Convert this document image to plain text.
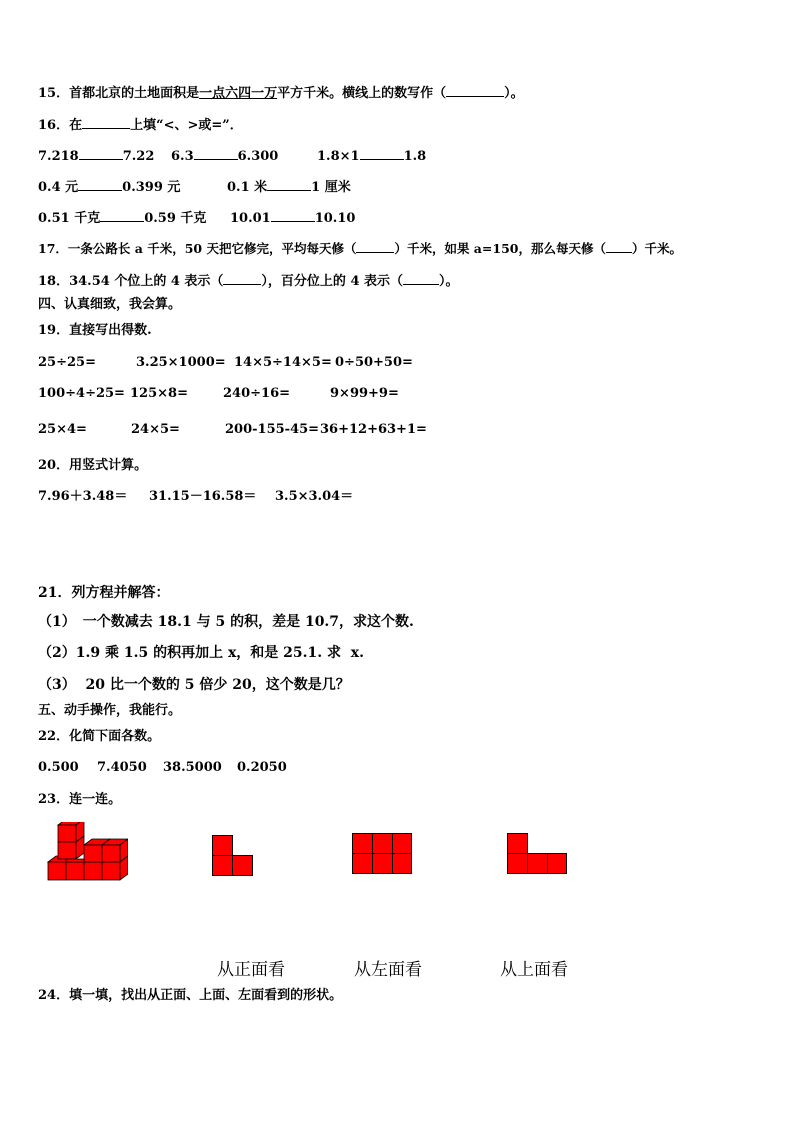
15．首都北京的土地面积是一点六四一万平方千米。横线上的数写作（	）。
16．在	上填“<、>或=”．
7.218	7.22 6.3	6.300	1.8×1	1.8
0.4 元	0.399 元	0.1 米	1 厘米
0.51 千克	0.59 千克 10.01	10.10
17．一条公路长 a 千米，50 天把它修完，平均每天修（	）千米，如果 a=150，那么每天修（ ）千米。
18．34.54 个位上的 4 表示（	），百分位上的 4 表示（	）。
四、认真细致，我会算。
19．直接写出得数.
25÷25=	3.25×1000= 14×5÷14×5= 0÷50+50=
100÷4÷25= 125×8=	240÷16=	9×99+9=
25×4=	24×5=	200-155-45= 36+12+63+1=
20．用竖式计算。
7.96＋3.48＝ 31.15－16.58＝ 3.5×3.04＝
21．列方程并解答：
（1）　一个数减去 18.1 与 5 的积，差是 10.7，求这个数.
（2）1.9 乘 1.5 的积再加上 x，和是 25.1. 求  x.
（3）  20 比一个数的 5 倍少 20，这个数是几？
五、动手操作，我能行。
22．化简下面各数。
0.500 7.4050 38.5000 0.2050
23．连一连。
从正面看	从左面看	从上面看
24．填一填，找出从正面、上面、左面看到的形状。
